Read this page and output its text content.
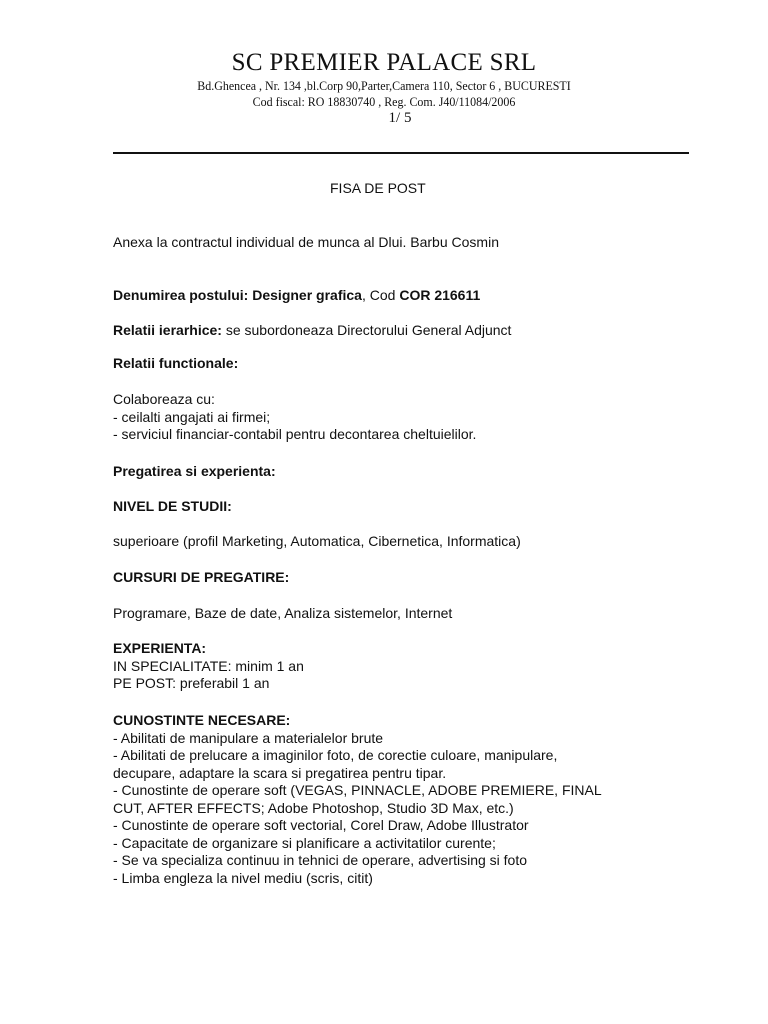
SC PREMIER PALACE SRL
Bd.Ghencea , Nr. 134 ,bl.Corp 90,Parter,Camera 110, Sector 6 , BUCURESTI
Cod fiscal: RO 18830740 , Reg. Com. J40/11084/2006
1/ 5
FISA DE POST
Anexa la contractul individual de munca al Dlui. Barbu Cosmin
Denumirea postului: Designer grafica, Cod COR 216611
Relatii ierarhice: se subordoneaza Directorului General Adjunct
Relatii functionale:
Colaboreaza cu:
- ceilalti angajati ai firmei;
- serviciul financiar-contabil pentru decontarea cheltuielilor.
Pregatirea si experienta:
NIVEL DE STUDII:
superioare (profil Marketing, Automatica, Cibernetica, Informatica)
CURSURI DE PREGATIRE:
Programare, Baze de date, Analiza sistemelor, Internet
EXPERIENTA:
IN SPECIALITATE: minim 1 an
PE POST: preferabil 1 an
CUNOSTINTE NECESARE:
- Abilitati de manipulare a materialelor brute
- Abilitati de prelucare a imaginilor foto, de corectie culoare, manipulare,
decupare, adaptare la scara si pregatirea pentru tipar.
- Cunostinte de operare soft (VEGAS, PINNACLE, ADOBE PREMIERE, FINAL
CUT, AFTER EFFECTS; Adobe Photoshop, Studio 3D Max, etc.)
- Cunostinte de operare soft vectorial, Corel Draw, Adobe Illustrator
- Capacitate de organizare si planificare a activitatilor curente;
- Se va specializa continuu in tehnici de operare, advertising si foto
- Limba engleza la nivel mediu (scris, citit)
